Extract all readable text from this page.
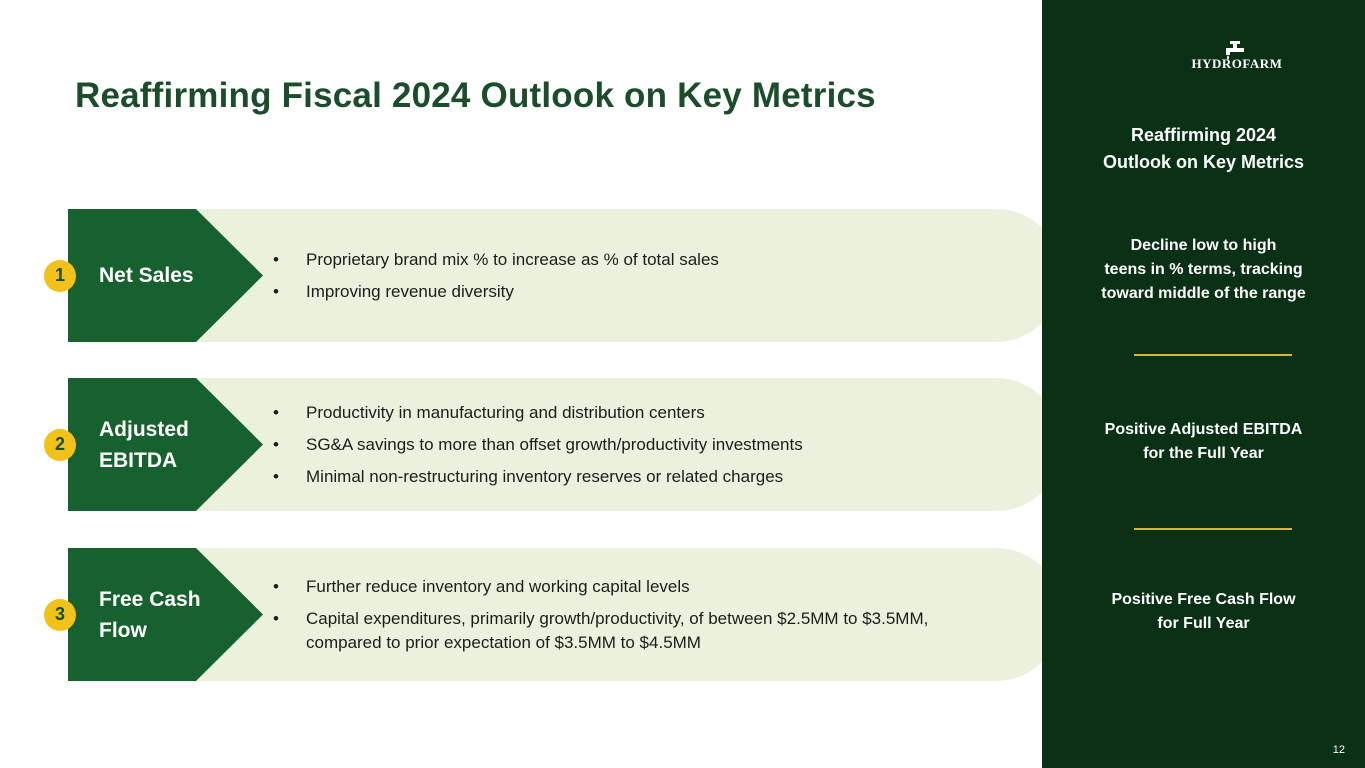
Reaffirming Fiscal 2024 Outlook on Key Metrics
Net Sales
1
• Proprietary brand mix % to increase as % of total sales
• Improving revenue diversity
Adjusted
EBITDA
2
• Productivity in manufacturing and distribution centers
• SG&A savings to more than offset growth/productivity investments
• Minimal non-restructuring inventory reserves or related charges
Free Cash
Flow
3
• Further reduce inventory and working capital levels
• Capital expenditures, primarily growth/productivity, of between $2.5MM to $3.5MM, compared to prior expectation of $3.5MM to $4.5MM
HYDROFARM
Reaffirming 2024
Outlook on Key Metrics
Decline low to high
teens in % terms, tracking
toward middle of the range
Positive Adjusted EBITDA
for the Full Year
Positive Free Cash Flow
for Full Year
12
